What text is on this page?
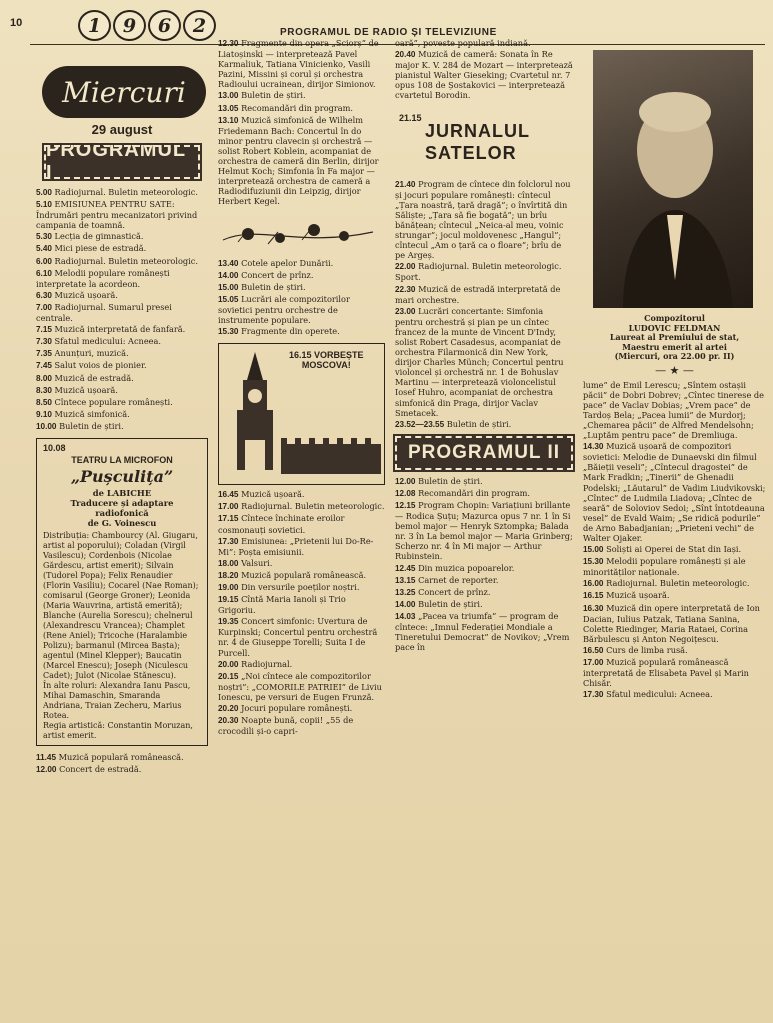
10	1	9	6	2	PROGRAMUL DE RADIO ȘI TELEVIZIUNE
Miercuri
29 august
PROGRAMUL I
5.00 Radiojurnal. Buletin meteorologic.
5.10 EMISIUNEA PENTRU SATE: Îndrumări pentru mecanizatori privind campania de toamnă.
5.30 Lecția de gimnastică.
5.40 Mici piese de estradă.
6.00 Radiojurnal. Buletin meteorologic.
6.10 Melodii populare românești interpretate la acordeon.
6.30 Muzică ușoară.
7.00 Radiojurnal. Sumarul presei centrale.
7.15 Muzică interpretată de fanfară.
7.30 Sfatul medicului: Acneea.
7.35 Anunțuri, muzică.
7.45 Salut voios de pionier.
8.00 Muzică de estradă.
8.30 Muzică ușoară.
8.50 Cîntece populare românești.
9.10 Muzică simfonică.
10.00 Buletin de știri.
10.08
TEATRU LA MICROFON
„Pușculița”
de LABICHE
Traducere și adaptare radiofonică
de G. Voinescu
Distribuția: Chambourcy (Al. Giugaru, artist al poporului); Coladan (Virgil Vasilescu); Cordenbois (Nicolae Gărdescu, artist emerit); Silvain (Tudorel Popa); Felix Renaudier (Florin Vasiliu); Cocarel (Nae Roman); comisarul (George Groner); Leonida (Maria Wauvrina, artistă emerită); Blanche (Aurelia Sorescu); chelnerul (Alexandrescu Vrancea); Champlet (Rene Aniel); Tricoche (Haralambie Polizu); barmanul (Mircea Bașta); agentul (Minel Klepper); Baucatin (Marcel Enescu); Joseph (Niculescu Cadet); Julot (Nicolae Stănescu).
În alte roluri: Alexandra Ianu Pascu, Mihai Damaschin, Smaranda Andriana, Traian Zecheru, Marius Rotea.
Regia artistică: Constantin Moruzan, artist emerit.
11.45 Muzică populară românească.
12.00 Concert de estradă.
12.30 Fragmente din opera „Sciorș” de Liatoșinski — interpretează Pavel Karmaliuk, Tatiana Vinicienko, Vasili Pazini, Missini și corul și orchestra Radioului ucrainean, dirijor Simionov.
13.00 Buletin de știri.
13.05 Recomandări din program.
13.10 Muzică simfonică de Wilhelm Friedemann Bach: Concertul în do minor pentru clavecin și orchestră — solist Robert Koblein, acompaniat de orchestra de cameră din Berlin, dirijor Helmut Koch; Simfonia în Fa major — interpretează orchestra de cameră a Radiodifuziunii din Leipzig, dirijor Herbert Kegel.
13.40 Cotele apelor Dunării.
14.00 Concert de prînz.
15.00 Buletin de știri.
15.05 Lucrări ale compozitorilor sovietici pentru orchestre de instrumente populare.
15.30 Fragmente din operete.
16.15 VORBEȘTE
MOSCOVA!
16.45 Muzică ușoară.
17.00 Radiojurnal. Buletin meteorologic.
17.15 Cîntece închinate eroilor cosmonauți sovietici.
17.30 Emisiunea: „Prietenii lui Do-Re-Mi”: Poșta emisiunii.
18.00 Valsuri.
18.20 Muzică populară românească.
19.00 Din versurile poeților noștri.
19.15 Cîntă Maria Ianoli și Trio Grigoriu.
19.35 Concert simfonic: Uvertura de Kurpinski; Concertul pentru orchestră nr. 4 de Giuseppe Torelli; Suita I de Purcell.
20.00 Radiojurnal.
20.15 „Noi cîntece ale compozitorilor noștri”: „COMORILE PATRIEI” de Liviu Ionescu, pe versuri de Eugen Frunză.
20.20 Jocuri populare românești.
20.30 Noapte bună, copii! „55 de crocodili și-o capri-
oară”, poveste populară indiană.
20.40 Muzică de cameră: Sonata în Re major K. V. 284 de Mozart — interpretează pianistul Walter Gieseking; Cvartetul nr. 7 opus 108 de Șostakovici — interpretează cvartetul Borodin.
21.15
JURNALUL
SATELOR
21.40 Program de cîntece din folclorul nou și jocuri populare românești: cîntecul „Țara noastră, țară dragă”; o învîrtită din Săliște; „Țara să fie bogată”; un brîu bănățean; cîntecul „Neica-al meu, voinic strungar”; jocul moldovenesc „Hangul”; cîntecul „Am o țară ca o floare”; brîu de pe Argeș.
22.00 Radiojurnal. Buletin meteorologic. Sport.
22.30 Muzică de estradă interpretată de mari orchestre.
23.00 Lucrări concertante: Simfonia pentru orchestră și pian pe un cîntec francez de la munte de Vincent D'Indy, solist Robert Casadesus, acompaniat de orchestra Filarmonică din New York, dirijor Charles Münch; Concertul pentru violoncel și orchestră nr. 1 de Bohuslav Martinu — interpretează violoncelistul Iosef Huhro, acompaniat de orchestra simfonică din Praga, dirijor Vaclav Smetacek.
23.52—23.55 Buletin de știri.
PROGRAMUL II
12.00 Buletin de știri.
12.08 Recomandări din program.
12.15 Program Chopin: Variațiuni brillante — Rodica Șuțu; Mazurca opus 7 nr. 1 în Si bemol major — Henryk Sztompka; Balada nr. 3 în La bemol major — Maria Grinberg; Scherzo nr. 4 în Mi major — Arthur Rubinstein.
12.45 Din muzica popoarelor.
13.15 Carnet de reporter.
13.25 Concert de prînz.
14.00 Buletin de știri.
14.03 „Pacea va triumfa” — program de cîntece: „Imnul Federației Mondiale a Tineretului Democrat” de Novikov; „Vrem pace în
Compozitorul
LUDOVIC FELDMAN
Laureat al Premiului de stat,
Maestru emerit al artei
(Miercuri, ora 22.00 pr. II)
— ★ —
lume” de Emil Lerescu; „Sîntem ostașii păcii” de Dobri Dobrev; „Cîntec tinerese de pace” de Vaclav Dobias; „Vrem pace” de Tardoș Bela; „Pacea lumii” de Murdorj; „Chemarea păcii” de Alfred Mendelsohn; „Luptăm pentru pace” de Dremliuga.
14.30 Muzică ușoară de compozitori sovietici: Melodie de Dunaevski din filmul „Băieții veseli”; „Cîntecul dragostei” de Mark Fradkin; „Tinerii” de Ghenadii Podelski; „Lăutarul” de Vadim Liudvikovski; „Cîntec” de Ludmila Liadova; „Cîntec de seară” de Soloviov Sedoi; „Sînt întotdeauna vesel” de Evald Waim; „Se ridică podurile” de Arno Babadjanian; „Prieteni vechi” de Walter Ojaker.
15.00 Soliști ai Operei de Stat din Iași.
15.30 Melodii populare românești și ale minorităților naționale.
16.00 Radiojurnal. Buletin meteorologic.
16.15 Muzică ușoară.
16.30 Muzică din opere interpretată de Ion Dacian, Iulius Patzak, Tatiana Sanina, Colette Riedinger, Maria Rataei, Corina Bărbulescu și Anton Negoițescu.
16.50 Curs de limba rusă.
17.00 Muzică populară românească interpretată de Elisabeta Pavel și Marin Chisăr.
17.30 Sfatul medicului: Acneea.
